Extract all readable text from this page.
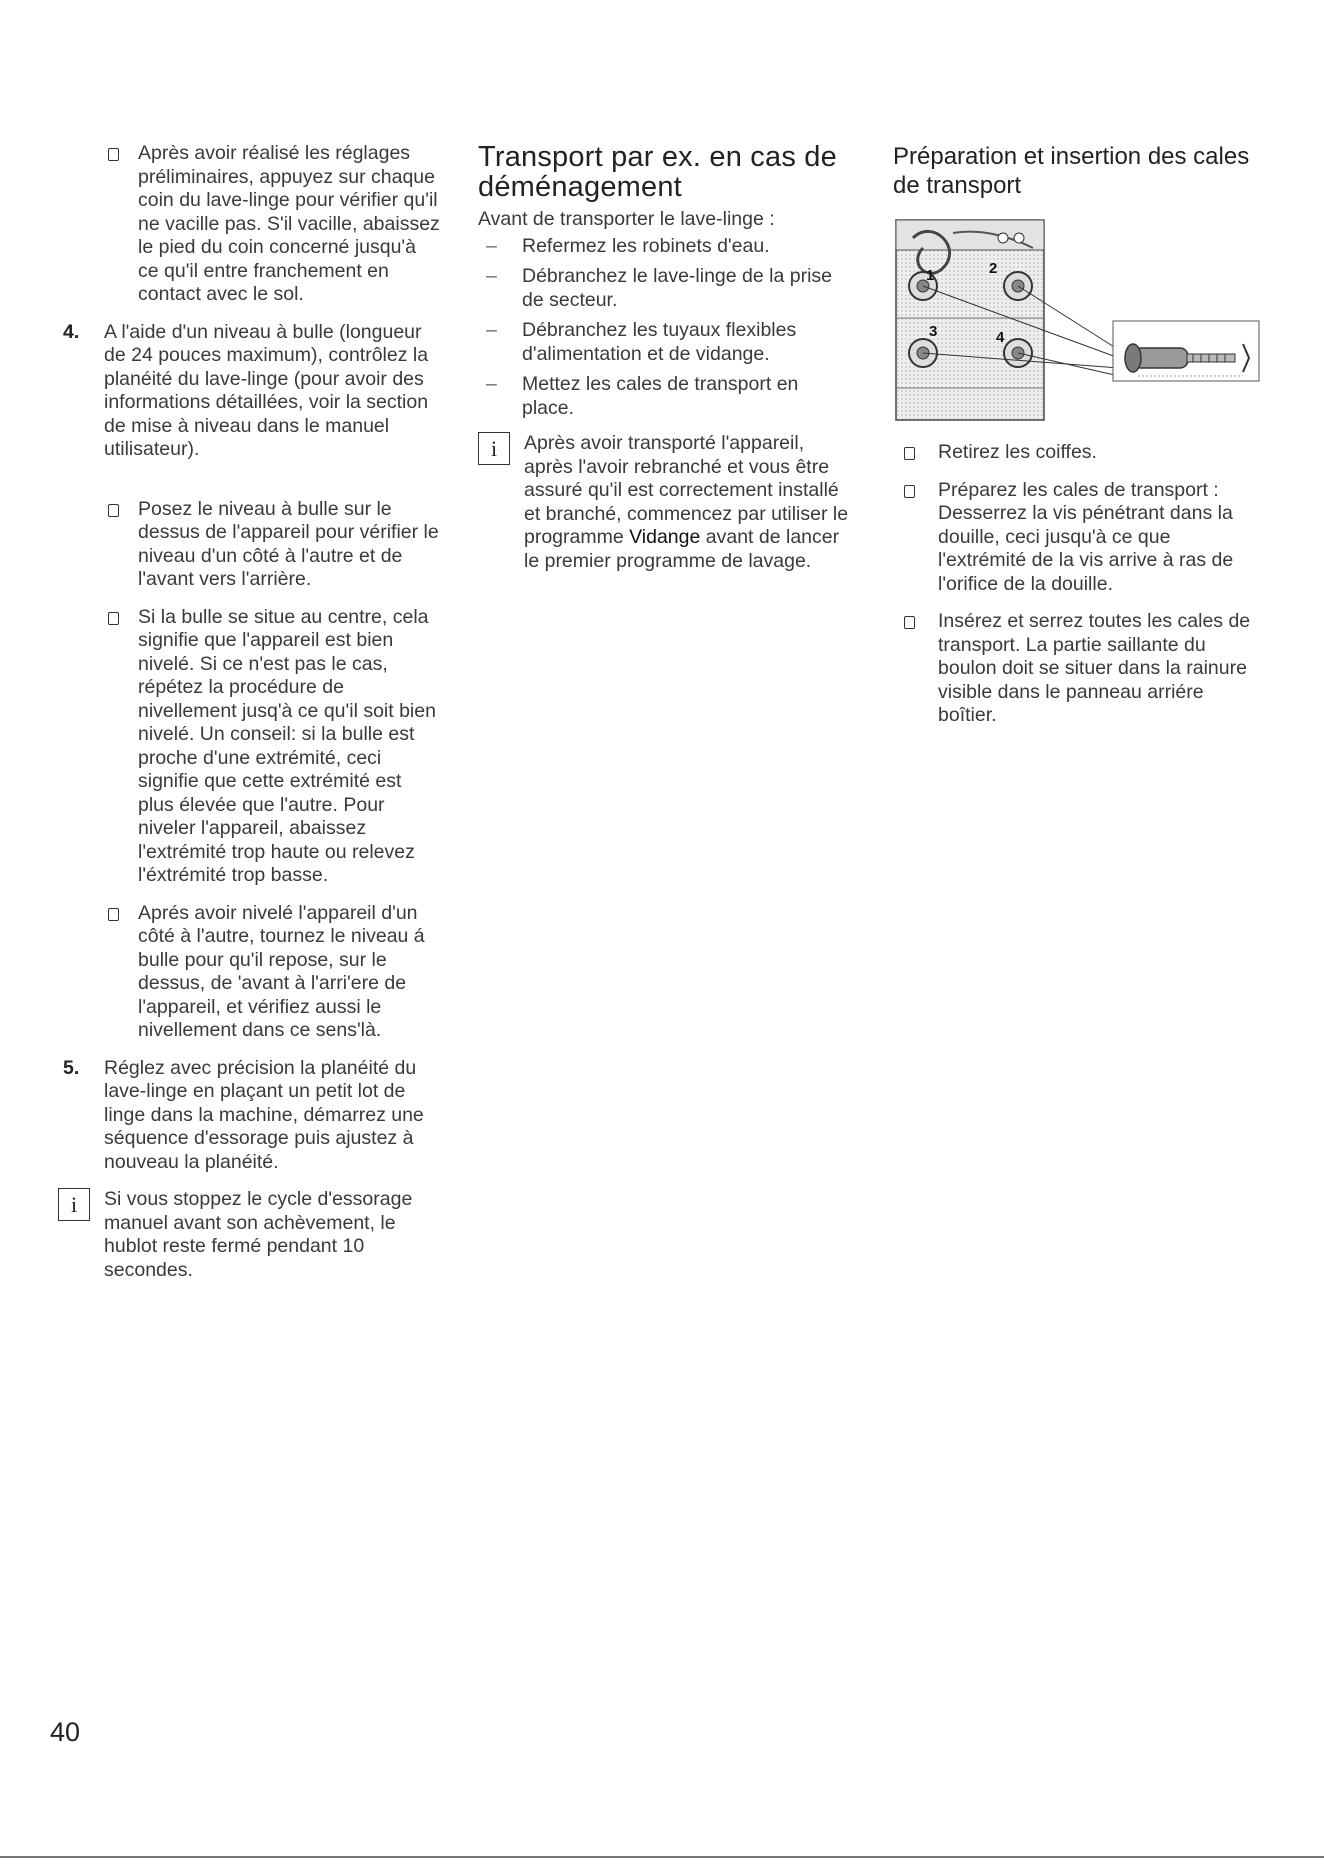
Après avoir réalisé les réglages préliminaires, appuyez sur chaque coin du lave-linge pour vérifier qu'il ne vacille pas. S'il vacille, abaissez le pied du coin concerné jusqu'à ce qu'il entre franchement en contact avec le sol.
4. A l'aide d'un niveau à bulle (longueur de 24 pouces maximum), contrôlez la planéité du lave-linge (pour avoir des informations détaillées, voir la section de mise à niveau dans le manuel utilisateur).
Posez le niveau à bulle sur le dessus de l'appareil pour vérifier le niveau d'un côté à l'autre et de l'avant vers l'arrière.
Si la bulle se situe au centre, cela signifie que l'appareil est bien nivelé. Si ce n'est pas le cas, répétez la procédure de nivellement jusq'à ce qu'il soit bien nivelé. Un conseil: si la bulle est proche d'une extrémité, ceci signifie que cette extrémité est plus élevée que l'autre. Pour niveler l'appareil, abaissez l'extrémité trop haute ou relevez l'éxtrémité trop basse.
Aprés avoir nivelé l'appareil d'un côté à l'autre, tournez le niveau á bulle pour qu'il repose, sur le dessus, de 'avant à l'arri'ere de l'appareil, et vérifiez aussi le nivellement dans ce sens'là.
5. Réglez avec précision la planéité du lave-linge en plaçant un petit lot de linge dans la machine, démarrez une séquence d'essorage puis ajustez à nouveau la planéité.
i	Si vous stoppez le cycle d'essorage manuel avant son achèvement, le hublot reste fermé pendant 10 secondes.
Transport par ex. en cas de déménagement
Avant de transporter le lave-linge :
– Refermez les robinets d'eau.
– Débranchez le lave-linge de la prise de secteur.
– Débranchez les tuyaux flexibles d'alimentation et de vidange.
– Mettez les cales de transport en place.
i	Après avoir transporté l'appareil, après l'avoir rebranché et vous être assuré qu'il est correctement installé et branché, commencez par utiliser le programme Vidange avant de lancer le premier programme de lavage.
Préparation et insertion des cales de transport
1	2
3	4
Retirez les coiffes.
Préparez les cales de transport : Desserrez la vis pénétrant dans la douille, ceci jusqu'à ce que l'extrémité de la vis arrive à ras de l'orifice de la douille.
Insérez et serrez toutes les cales de transport. La partie saillante du boulon doit se situer dans la rainure visible dans le panneau arriére boîtier.
40
